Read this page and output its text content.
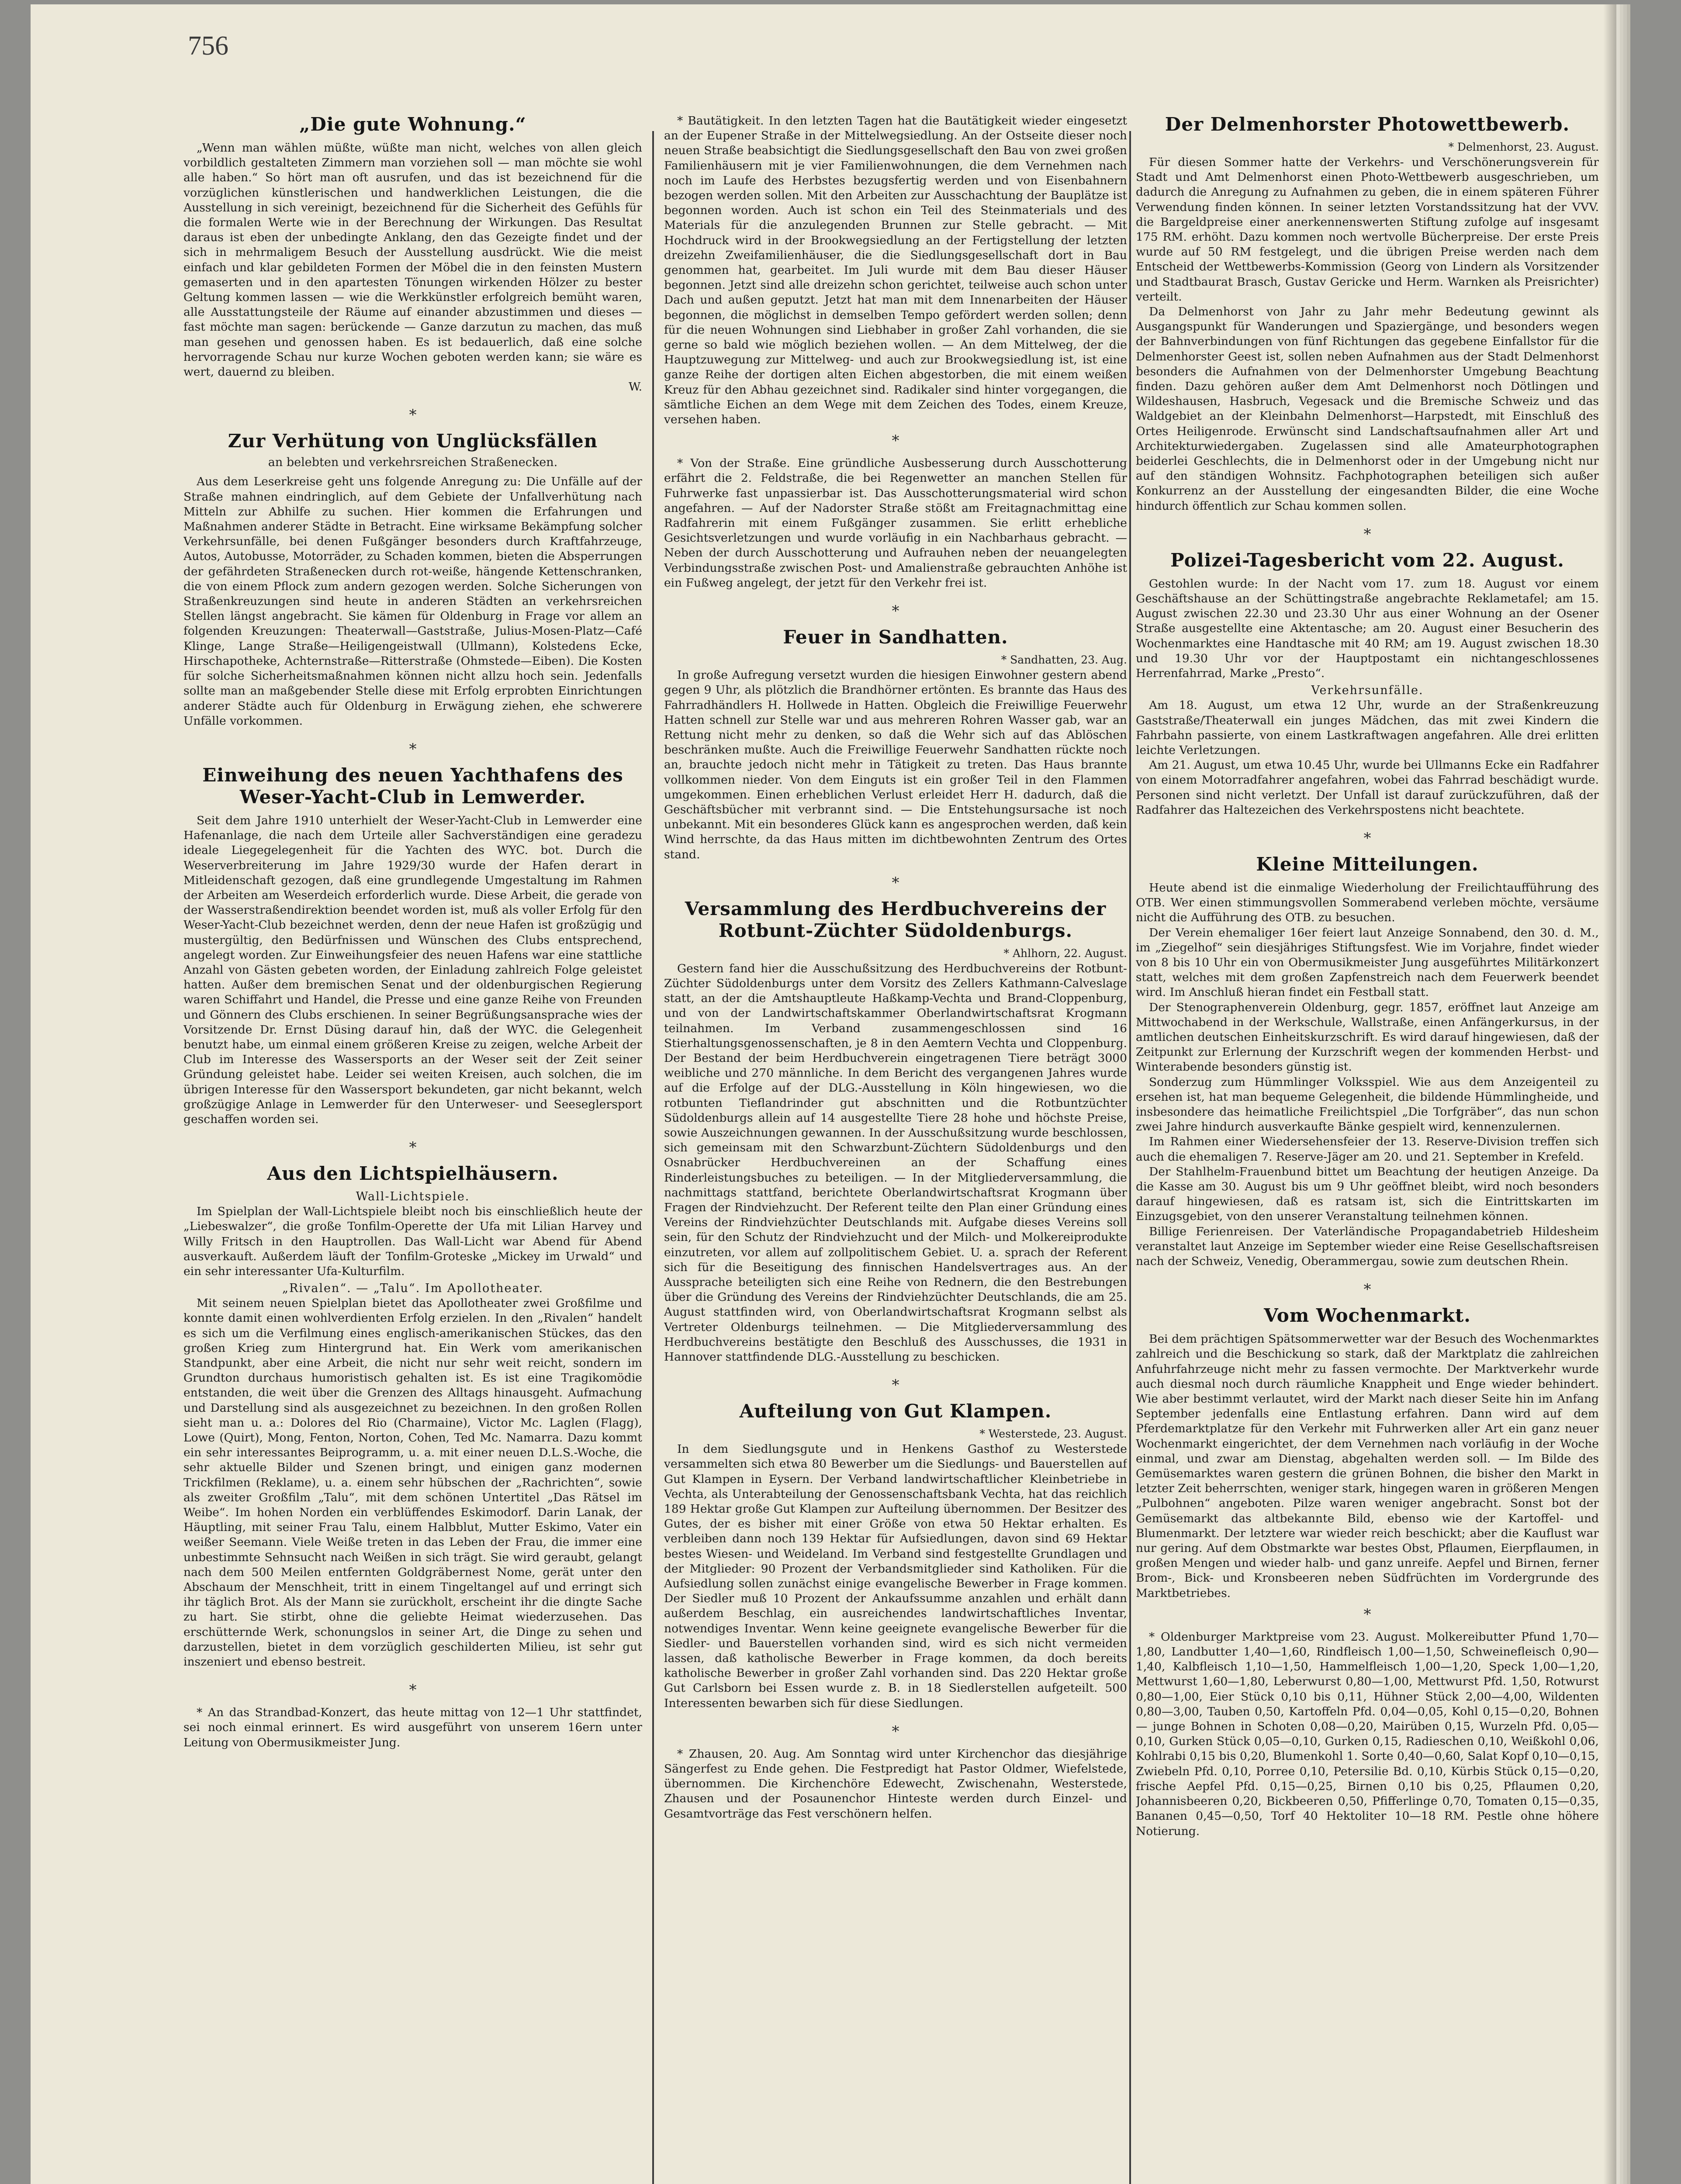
756
„Die gute Wohnung.“

„Wenn man wählen müßte, wüßte man nicht, welches von allen gleich vorbildlich gestalteten Zimmern man vorziehen soll — man möchte sie wohl alle haben.“ So hört man oft ausrufen, und das ist bezeichnend für die vorzüglichen künstlerischen und handwerklichen Leistungen, die die Ausstellung in sich vereinigt, bezeichnend für die Sicherheit des Gefühls für die formalen Werte wie in der Berechnung der Wirkungen. Das Resultat daraus ist eben der unbedingte Anklang, den das Gezeigte findet und der sich in mehrmaligem Besuch der Ausstellung ausdrückt. Wie die meist einfach und klar gebildeten Formen der Möbel die in den feinsten Mustern gemaserten und in den apartesten Tönungen wirkenden Hölzer zu bester Geltung kommen lassen — wie die Werkkünstler erfolgreich bemüht waren, alle Ausstattungsteile der Räume auf einander abzustimmen und dieses — fast möchte man sagen: berückende — Ganze darzutun zu machen, das muß man gesehen und genossen haben. Es ist bedauerlich, daß eine solche hervorragende Schau nur kurze Wochen geboten werden kann; sie wäre es wert, dauernd zu bleiben.

W.

*
Zur Verhütung von Unglücksfällen
an belebten und verkehrsreichen Straßenecken.

Aus dem Leserkreise geht uns folgende Anregung zu: Die Unfälle auf der Straße mahnen eindringlich, auf dem Gebiete der Unfallverhütung nach Mitteln zur Abhilfe zu suchen. Hier kommen die Erfahrungen und Maßnahmen anderer Städte in Betracht. Eine wirksame Bekämpfung solcher Verkehrsunfälle, bei denen Fußgänger besonders durch Kraftfahrzeuge, Autos, Autobusse, Motorräder, zu Schaden kommen, bieten die Absperrungen der gefährdeten Straßenecken durch rot-weiße, hängende Kettenschranken, die von einem Pflock zum andern gezogen werden. Solche Sicherungen von Straßenkreuzungen sind heute in anderen Städten an verkehrsreichen Stellen längst angebracht. Sie kämen für Oldenburg in Frage vor allem an folgenden Kreuzungen: Theaterwall—Gaststraße, Julius-Mosen-Platz—Café Klinge, Lange Straße—Heiligengeistwall (Ullmann), Kolstedens Ecke, Hirschapotheke, Achternstraße—Ritterstraße (Ohmstede—Eiben). Die Kosten für solche Sicherheitsmaßnahmen können nicht allzu hoch sein. Jedenfalls sollte man an maßgebender Stelle diese mit Erfolg erprobten Einrichtungen anderer Städte auch für Oldenburg in Erwägung ziehen, ehe schwerere Unfälle vorkommen.

*
Einweihung des neuen Yachthafens des Weser-Yacht-Club in Lemwerder.

Seit dem Jahre 1910 unterhielt der Weser-Yacht-Club in Lemwerder eine Hafenanlage, die nach dem Urteile aller Sachverständigen eine geradezu ideale Liegegelegenheit für die Yachten des WYC. bot. Durch die Weserverbreiterung im Jahre 1929/30 wurde der Hafen derart in Mitleidenschaft gezogen, daß eine grundlegende Umgestaltung im Rahmen der Arbeiten am Weserdeich erforderlich wurde. Diese Arbeit, die gerade von der Wasserstraßendirektion beendet worden ist, muß als voller Erfolg für den Weser-Yacht-Club bezeichnet werden, denn der neue Hafen ist großzügig und mustergültig, den Bedürfnissen und Wünschen des Clubs entsprechend, angelegt worden. Zur Einweihungsfeier des neuen Hafens war eine stattliche Anzahl von Gästen gebeten worden, der Einladung zahlreich Folge geleistet hatten. Außer dem bremischen Senat und der oldenburgischen Regierung waren Schiffahrt und Handel, die Presse und eine ganze Reihe von Freunden und Gönnern des Clubs erschienen. In seiner Begrüßungsansprache wies der Vorsitzende Dr. Ernst Düsing darauf hin, daß der WYC. die Gelegenheit benutzt habe, um einmal einem größeren Kreise zu zeigen, welche Arbeit der Club im Interesse des Wassersports an der Weser seit der Zeit seiner Gründung geleistet habe. Leider sei weiten Kreisen, auch solchen, die im übrigen Interesse für den Wassersport bekundeten, gar nicht bekannt, welch großzügige Anlage in Lemwerder für den Unterweser- und Seeseglersport geschaffen worden sei.

*
Aus den Lichtspielhäusern.
Wall-Lichtspiele.

Im Spielplan der Wall-Lichtspiele bleibt noch bis einschließlich heute der „Liebeswalzer“, die große Tonfilm-Operette der Ufa mit Lilian Harvey und Willy Fritsch in den Hauptrollen. Das Wall-Licht war Abend für Abend ausverkauft. Außerdem läuft der Tonfilm-Groteske „Mickey im Urwald“ und ein sehr interessanter Ufa-Kulturfilm.

„Rivalen“. — „Talu“. Im Apollotheater.

Mit seinem neuen Spielplan bietet das Apollotheater zwei Großfilme und konnte damit einen wohlverdienten Erfolg erzielen. In den „Rivalen“ handelt es sich um die Verfilmung eines englisch-amerikanischen Stückes, das den großen Krieg zum Hintergrund hat. Ein Werk vom amerikanischen Standpunkt, aber eine Arbeit, die nicht nur sehr weit reicht, sondern im Grundton durchaus humoristisch gehalten ist. Es ist eine Tragikomödie entstanden, die weit über die Grenzen des Alltags hinausgeht. Aufmachung und Darstellung sind als ausgezeichnet zu bezeichnen. In den großen Rollen sieht man u. a.: Dolores del Rio (Charmaine), Victor Mc. Laglen (Flagg), Lowe (Quirt), Mong, Fenton, Norton, Cohen, Ted Mc. Namarra. Dazu kommt ein sehr interessantes Beiprogramm, u. a. mit einer neuen D.L.S.-Woche, die sehr aktuelle Bilder und Szenen bringt, und einigen ganz modernen Trickfilmen (Reklame), u. a. einem sehr hübschen der „Rachrichten“, sowie als zweiter Großfilm „Talu“, mit dem schönen Untertitel „Das Rätsel im Weibe“. Im hohen Norden ein verblüffendes Eskimodorf. Darin Lanak, der Häuptling, mit seiner Frau Talu, einem Halbblut, Mutter Eskimo, Vater ein weißer Seemann. Viele Weiße treten in das Leben der Frau, die immer eine unbestimmte Sehnsucht nach Weißen in sich trägt. Sie wird geraubt, gelangt nach dem 500 Meilen entfernten Goldgräbernest Nome, gerät unter den Abschaum der Menschheit, tritt in einem Tingeltangel auf und erringt sich ihr täglich Brot. Als der Mann sie zurückholt, erscheint ihr die dingte Sache zu hart. Sie stirbt, ohne die geliebte Heimat wiederzusehen. Das erschütternde Werk, schonungslos in seiner Art, die Dinge zu sehen und darzustellen, bietet in dem vorzüglich geschilderten Milieu, ist sehr gut inszeniert und ebenso bestreit.

*

* An das Strandbad-Konzert, das heute mittag von 12—1 Uhr stattfindet, sei noch einmal erinnert. Es wird ausgeführt von unserem 16ern unter Leitung von Obermusikmeister Jung.

* Bautätigkeit. In den letzten Tagen hat die Bautätigkeit wieder eingesetzt an der Eupener Straße in der Mittelwegsiedlung. An der Ostseite dieser noch neuen Straße beabsichtigt die Siedlungsgesellschaft den Bau von zwei großen Familienhäusern mit je vier Familienwohnungen, die dem Vernehmen nach noch im Laufe des Herbstes bezugsfertig werden und von Eisenbahnern bezogen werden sollen. Mit den Arbeiten zur Ausschachtung der Bauplätze ist begonnen worden. Auch ist schon ein Teil des Steinmaterials und des Materials für die anzulegenden Brunnen zur Stelle gebracht. — Mit Hochdruck wird in der Brookwegsiedlung an der Fertigstellung der letzten dreizehn Zweifamilienhäuser, die die Siedlungsgesellschaft dort in Bau genommen hat, gearbeitet. Im Juli wurde mit dem Bau dieser Häuser begonnen. Jetzt sind alle dreizehn schon gerichtet, teilweise auch schon unter Dach und außen geputzt. Jetzt hat man mit dem Innenarbeiten der Häuser begonnen, die möglichst in demselben Tempo gefördert werden sollen; denn für die neuen Wohnungen sind Liebhaber in großer Zahl vorhanden, die sie gerne so bald wie möglich beziehen wollen. — An dem Mittelweg, der die Hauptzuwegung zur Mittelweg- und auch zur Brookwegsiedlung ist, ist eine ganze Reihe der dortigen alten Eichen abgestorben, die mit einem weißen Kreuz für den Abhau gezeichnet sind. Radikaler sind hinter vorgegangen, die sämtliche Eichen an dem Wege mit dem Zeichen des Todes, einem Kreuze, versehen haben.

*

* Von der Straße. Eine gründliche Ausbesserung durch Ausschotterung erfährt die 2. Feldstraße, die bei Regenwetter an manchen Stellen für Fuhrwerke fast unpassierbar ist. Das Ausschotterungsmaterial wird schon angefahren. — Auf der Nadorster Straße stößt am Freitagnachmittag eine Radfahrerin mit einem Fußgänger zusammen. Sie erlitt erhebliche Gesichtsverletzungen und wurde vorläufig in ein Nachbarhaus gebracht. — Neben der durch Ausschotterung und Aufrauhen neben der neuangelegten Verbindungsstraße zwischen Post- und Amalienstraße gebrauchten Anhöhe ist ein Fußweg angelegt, der jetzt für den Verkehr frei ist.

*
Feuer in Sandhatten.
* Sandhatten, 23. Aug.

In große Aufregung versetzt wurden die hiesigen Einwohner gestern abend gegen 9 Uhr, als plötzlich die Brandhörner ertönten. Es brannte das Haus des Fahrradhändlers H. Hollwede in Hatten. Obgleich die Freiwillige Feuerwehr Hatten schnell zur Stelle war und aus mehreren Rohren Wasser gab, war an Rettung nicht mehr zu denken, so daß die Wehr sich auf das Ablöschen beschränken mußte. Auch die Freiwillige Feuerwehr Sandhatten rückte noch an, brauchte jedoch nicht mehr in Tätigkeit zu treten. Das Haus brannte vollkommen nieder. Von dem Einguts ist ein großer Teil in den Flammen umgekommen. Einen erheblichen Verlust erleidet Herr H. dadurch, daß die Geschäftsbücher mit verbrannt sind. — Die Entstehungsursache ist noch unbekannt. Mit ein besonderes Glück kann es angesprochen werden, daß kein Wind herrschte, da das Haus mitten im dichtbewohnten Zentrum des Ortes stand.

*
Versammlung des Herdbuchvereins der Rotbunt-Züchter Südoldenburgs.
* Ahlhorn, 22. August.

Gestern fand hier die Ausschußsitzung des Herdbuchvereins der Rotbunt-Züchter Südoldenburgs unter dem Vorsitz des Zellers Kathmann-Calveslage statt, an der die Amtshauptleute Haßkamp-Vechta und Brand-Cloppenburg, und von der Landwirtschaftskammer Oberlandwirtschaftsrat Krogmann teilnahmen. Im Verband zusammengeschlossen sind 16 Stierhaltungsgenossenschaften, je 8 in den Aemtern Vechta und Cloppenburg. Der Bestand der beim Herdbuchverein eingetragenen Tiere beträgt 3000 weibliche und 270 männliche. In dem Bericht des vergangenen Jahres wurde auf die Erfolge auf der DLG.-Ausstellung in Köln hingewiesen, wo die rotbunten Tieflandrinder gut abschnitten und die Rotbuntzüchter Südoldenburgs allein auf 14 ausgestellte Tiere 28 hohe und höchste Preise, sowie Auszeichnungen gewannen. In der Ausschußsitzung wurde beschlossen, sich gemeinsam mit den Schwarzbunt-Züchtern Südoldenburgs und den Osnabrücker Herdbuchvereinen an der Schaffung eines Rinderleistungsbuches zu beteiligen. — In der Mitgliederversammlung, die nachmittags stattfand, berichtete Oberlandwirtschaftsrat Krogmann über Fragen der Rindviehzucht. Der Referent teilte den Plan einer Gründung eines Vereins der Rindviehzüchter Deutschlands mit. Aufgabe dieses Vereins soll sein, für den Schutz der Rindviehzucht und der Milch- und Molkereiprodukte einzutreten, vor allem auf zollpolitischem Gebiet. U. a. sprach der Referent sich für die Beseitigung des finnischen Handelsvertrages aus. An der Aussprache beteiligten sich eine Reihe von Rednern, die den Bestrebungen über die Gründung des Vereins der Rindviehzüchter Deutschlands, die am 25. August stattfinden wird, von Oberlandwirtschaftsrat Krogmann selbst als Vertreter Oldenburgs teilnehmen. — Die Mitgliederversammlung des Herdbuchvereins bestätigte den Beschluß des Ausschusses, die 1931 in Hannover stattfindende DLG.-Ausstellung zu beschicken.

*
Aufteilung von Gut Klampen.
* Westerstede, 23. August.

In dem Siedlungsgute und in Henkens Gasthof zu Westerstede versammelten sich etwa 80 Bewerber um die Siedlungs- und Bauerstellen auf Gut Klampen in Eysern. Der Verband landwirtschaftlicher Kleinbetriebe in Vechta, als Unterabteilung der Genossenschaftsbank Vechta, hat das reichlich 189 Hektar große Gut Klampen zur Aufteilung übernommen. Der Besitzer des Gutes, der es bisher mit einer Größe von etwa 50 Hektar erhalten. Es verbleiben dann noch 139 Hektar für Aufsiedlungen, davon sind 69 Hektar bestes Wiesen- und Weideland. Im Verband sind festgestellte Grundlagen und der Mitglieder: 90 Prozent der Verbandsmitglieder sind Katholiken. Für die Aufsiedlung sollen zunächst einige evangelische Bewerber in Frage kommen. Der Siedler muß 10 Prozent der Ankaufssumme anzahlen und erhält dann außerdem Beschlag, ein ausreichendes landwirtschaftliches Inventar, notwendiges Inventar. Wenn keine geeignete evangelische Bewerber für die Siedler- und Bauerstellen vorhanden sind, wird es sich nicht vermeiden lassen, daß katholische Bewerber in Frage kommen, da doch bereits katholische Bewerber in großer Zahl vorhanden sind. Das 220 Hektar große Gut Carlsborn bei Essen wurde z. B. in 18 Siedlerstellen aufgeteilt. 500 Interessenten bewarben sich für diese Siedlungen.

*

* Zhausen, 20. Aug. Am Sonntag wird unter Kirchenchor das diesjährige Sängerfest zu Ende gehen. Die Festpredigt hat Pastor Oldmer, Wiefelstede, übernommen. Die Kirchenchöre Edewecht, Zwischenahn, Westerstede, Zhausen und der Posaunenchor Hinteste werden durch Einzel- und Gesamtvorträge das Fest verschönern helfen.

Der Delmenhorster Photowettbewerb.
* Delmenhorst, 23. August.

Für diesen Sommer hatte der Verkehrs- und Verschönerungsverein für Stadt und Amt Delmenhorst einen Photo-Wettbewerb ausgeschrieben, um dadurch die Anregung zu Aufnahmen zu geben, die in einem späteren Führer Verwendung finden können. In seiner letzten Vorstandssitzung hat der VVV. die Bargeldpreise einer anerkennenswerten Stiftung zufolge auf insgesamt 175 RM. erhöht. Dazu kommen noch wertvolle Bücherpreise. Der erste Preis wurde auf 50 RM festgelegt, und die übrigen Preise werden nach dem Entscheid der Wettbewerbs-Kommission (Georg von Lindern als Vorsitzender und Stadtbaurat Brasch, Gustav Gericke und Herm. Warnken als Preisrichter) verteilt.

Da Delmenhorst von Jahr zu Jahr mehr Bedeutung gewinnt als Ausgangspunkt für Wanderungen und Spaziergänge, und besonders wegen der Bahnverbindungen von fünf Richtungen das gegebene Einfallstor für die Delmenhorster Geest ist, sollen neben Aufnahmen aus der Stadt Delmenhorst besonders die Aufnahmen von der Delmenhorster Umgebung Beachtung finden. Dazu gehören außer dem Amt Delmenhorst noch Dötlingen und Wildeshausen, Hasbruch, Vegesack und die Bremische Schweiz und das Waldgebiet an der Kleinbahn Delmenhorst—Harpstedt, mit Einschluß des Ortes Heiligenrode. Erwünscht sind Landschaftsaufnahmen aller Art und Architekturwiedergaben. Zugelassen sind alle Amateurphotographen beiderlei Geschlechts, die in Delmenhorst oder in der Umgebung nicht nur auf den ständigen Wohnsitz. Fachphotographen beteiligen sich außer Konkurrenz an der Ausstellung der eingesandten Bilder, die eine Woche hindurch öffentlich zur Schau kommen sollen.

*
Polizei-Tagesbericht vom 22. August.

Gestohlen wurde: In der Nacht vom 17. zum 18. August vor einem Geschäftshause an der Schüttingstraße angebrachte Reklametafel; am 15. August zwischen 22.30 und 23.30 Uhr aus einer Wohnung an der Osener Straße ausgestellte eine Aktentasche; am 20. August einer Besucherin des Wochenmarktes eine Handtasche mit 40 RM; am 19. August zwischen 18.30 und 19.30 Uhr vor der Hauptpostamt ein nichtangeschlossenes Herrenfahrrad, Marke „Presto“.

Verkehrsunfälle.

Am 18. August, um etwa 12 Uhr, wurde an der Straßenkreuzung Gaststraße/Theaterwall ein junges Mädchen, das mit zwei Kindern die Fahrbahn passierte, von einem Lastkraftwagen angefahren. Alle drei erlitten leichte Verletzungen.

Am 21. August, um etwa 10.45 Uhr, wurde bei Ullmanns Ecke ein Radfahrer von einem Motorradfahrer angefahren, wobei das Fahrrad beschädigt wurde. Personen sind nicht verletzt. Der Unfall ist darauf zurückzuführen, daß der Radfahrer das Haltezeichen des Verkehrspostens nicht beachtete.

*
Kleine Mitteilungen.

Heute abend ist die einmalige Wiederholung der Freilichtaufführung des OTB. Wer einen stimmungsvollen Sommerabend verleben möchte, versäume nicht die Aufführung des OTB. zu besuchen.

Der Verein ehemaliger 16er feiert laut Anzeige Sonnabend, den 30. d. M., im „Ziegelhof“ sein diesjähriges Stiftungsfest. Wie im Vorjahre, findet wieder von 8 bis 10 Uhr ein von Obermusikmeister Jung ausgeführtes Militärkonzert statt, welches mit dem großen Zapfenstreich nach dem Feuerwerk beendet wird. Im Anschluß hieran findet ein Festball statt.

Der Stenographenverein Oldenburg, gegr. 1857, eröffnet laut Anzeige am Mittwochabend in der Werkschule, Wallstraße, einen Anfängerkursus, in der amtlichen deutschen Einheitskurzschrift. Es wird darauf hingewiesen, daß der Zeitpunkt zur Erlernung der Kurzschrift wegen der kommenden Herbst- und Winterabende besonders günstig ist.

Sonderzug zum Hümmlinger Volksspiel. Wie aus dem Anzeigenteil zu ersehen ist, hat man bequeme Gelegenheit, die bildende Hümmlingheide, und insbesondere das heimatliche Freilichtspiel „Die Torfgräber“, das nun schon zwei Jahre hindurch ausverkaufte Bänke gespielt wird, kennenzulernen.

Im Rahmen einer Wiedersehensfeier der 13. Reserve-Division treffen sich auch die ehemaligen 7. Reserve-Jäger am 20. und 21. September in Krefeld.

Der Stahlhelm-Frauenbund bittet um Beachtung der heutigen Anzeige. Da die Kasse am 30. August bis um 9 Uhr geöffnet bleibt, wird noch besonders darauf hingewiesen, daß es ratsam ist, sich die Eintrittskarten im Einzugsgebiet, von den unserer Veranstaltung teilnehmen können.

Billige Ferienreisen. Der Vaterländische Propagandabetrieb Hildesheim veranstaltet laut Anzeige im September wieder eine Reise Gesellschaftsreisen nach der Schweiz, Venedig, Oberammergau, sowie zum deutschen Rhein.

*
Vom Wochenmarkt.

Bei dem prächtigen Spätsommerwetter war der Besuch des Wochenmarktes zahlreich und die Beschickung so stark, daß der Marktplatz die zahlreichen Anfuhrfahrzeuge nicht mehr zu fassen vermochte. Der Marktverkehr wurde auch diesmal noch durch räumliche Knappheit und Enge wieder behindert. Wie aber bestimmt verlautet, wird der Markt nach dieser Seite hin im Anfang September jedenfalls eine Entlastung erfahren. Dann wird auf dem Pferdemarktplatze für den Verkehr mit Fuhrwerken aller Art ein ganz neuer Wochenmarkt eingerichtet, der dem Vernehmen nach vorläufig in der Woche einmal, und zwar am Dienstag, abgehalten werden soll. — Im Bilde des Gemüsemarktes waren gestern die grünen Bohnen, die bisher den Markt in letzter Zeit beherrschten, weniger stark, hingegen waren in größeren Mengen „Pulbohnen“ angeboten. Pilze waren weniger angebracht. Sonst bot der Gemüsemarkt das altbekannte Bild, ebenso wie der Kartoffel- und Blumenmarkt. Der letztere war wieder reich beschickt; aber die Kauflust war nur gering. Auf dem Obstmarkte war bestes Obst, Pflaumen, Eierpflaumen, in großen Mengen und wieder halb- und ganz unreife. Aepfel und Birnen, ferner Brom-, Bick- und Kronsbeeren neben Südfrüchten im Vordergrunde des Marktbetriebes.

*

* Oldenburger Marktpreise vom 23. August. Molkereibutter Pfund 1,70—1,80, Landbutter 1,40—1,60, Rindfleisch 1,00—1,50, Schweinefleisch 0,90—1,40, Kalbfleisch 1,10—1,50, Hammelfleisch 1,00—1,20, Speck 1,00—1,20, Mettwurst 1,60—1,80, Leberwurst 0,80—1,00, Mettwurst Pfd. 1,50, Rotwurst 0,80—1,00, Eier Stück 0,10 bis 0,11, Hühner Stück 2,00—4,00, Wildenten 0,80—3,00, Tauben 0,50, Kartoffeln Pfd. 0,04—0,05, Kohl 0,15—0,20, Bohnen — junge Bohnen in Schoten 0,08—0,20, Mairüben 0,15, Wurzeln Pfd. 0,05—0,10, Gurken Stück 0,05—0,10, Gurken 0,15, Radieschen 0,10, Weißkohl 0,06, Kohlrabi 0,15 bis 0,20, Blumenkohl 1. Sorte 0,40—0,60, Salat Kopf 0,10—0,15, Zwiebeln Pfd. 0,10, Porree 0,10, Petersilie Bd. 0,10, Kürbis Stück 0,15—0,20, frische Aepfel Pfd. 0,15—0,25, Birnen 0,10 bis 0,25, Pflaumen 0,20, Johannisbeeren 0,20, Bickbeeren 0,50, Pfifferlinge 0,70, Tomaten 0,15—0,35, Bananen 0,45—0,50, Torf 40 Hektoliter 10—18 RM. Pestle ohne höhere Notierung.
